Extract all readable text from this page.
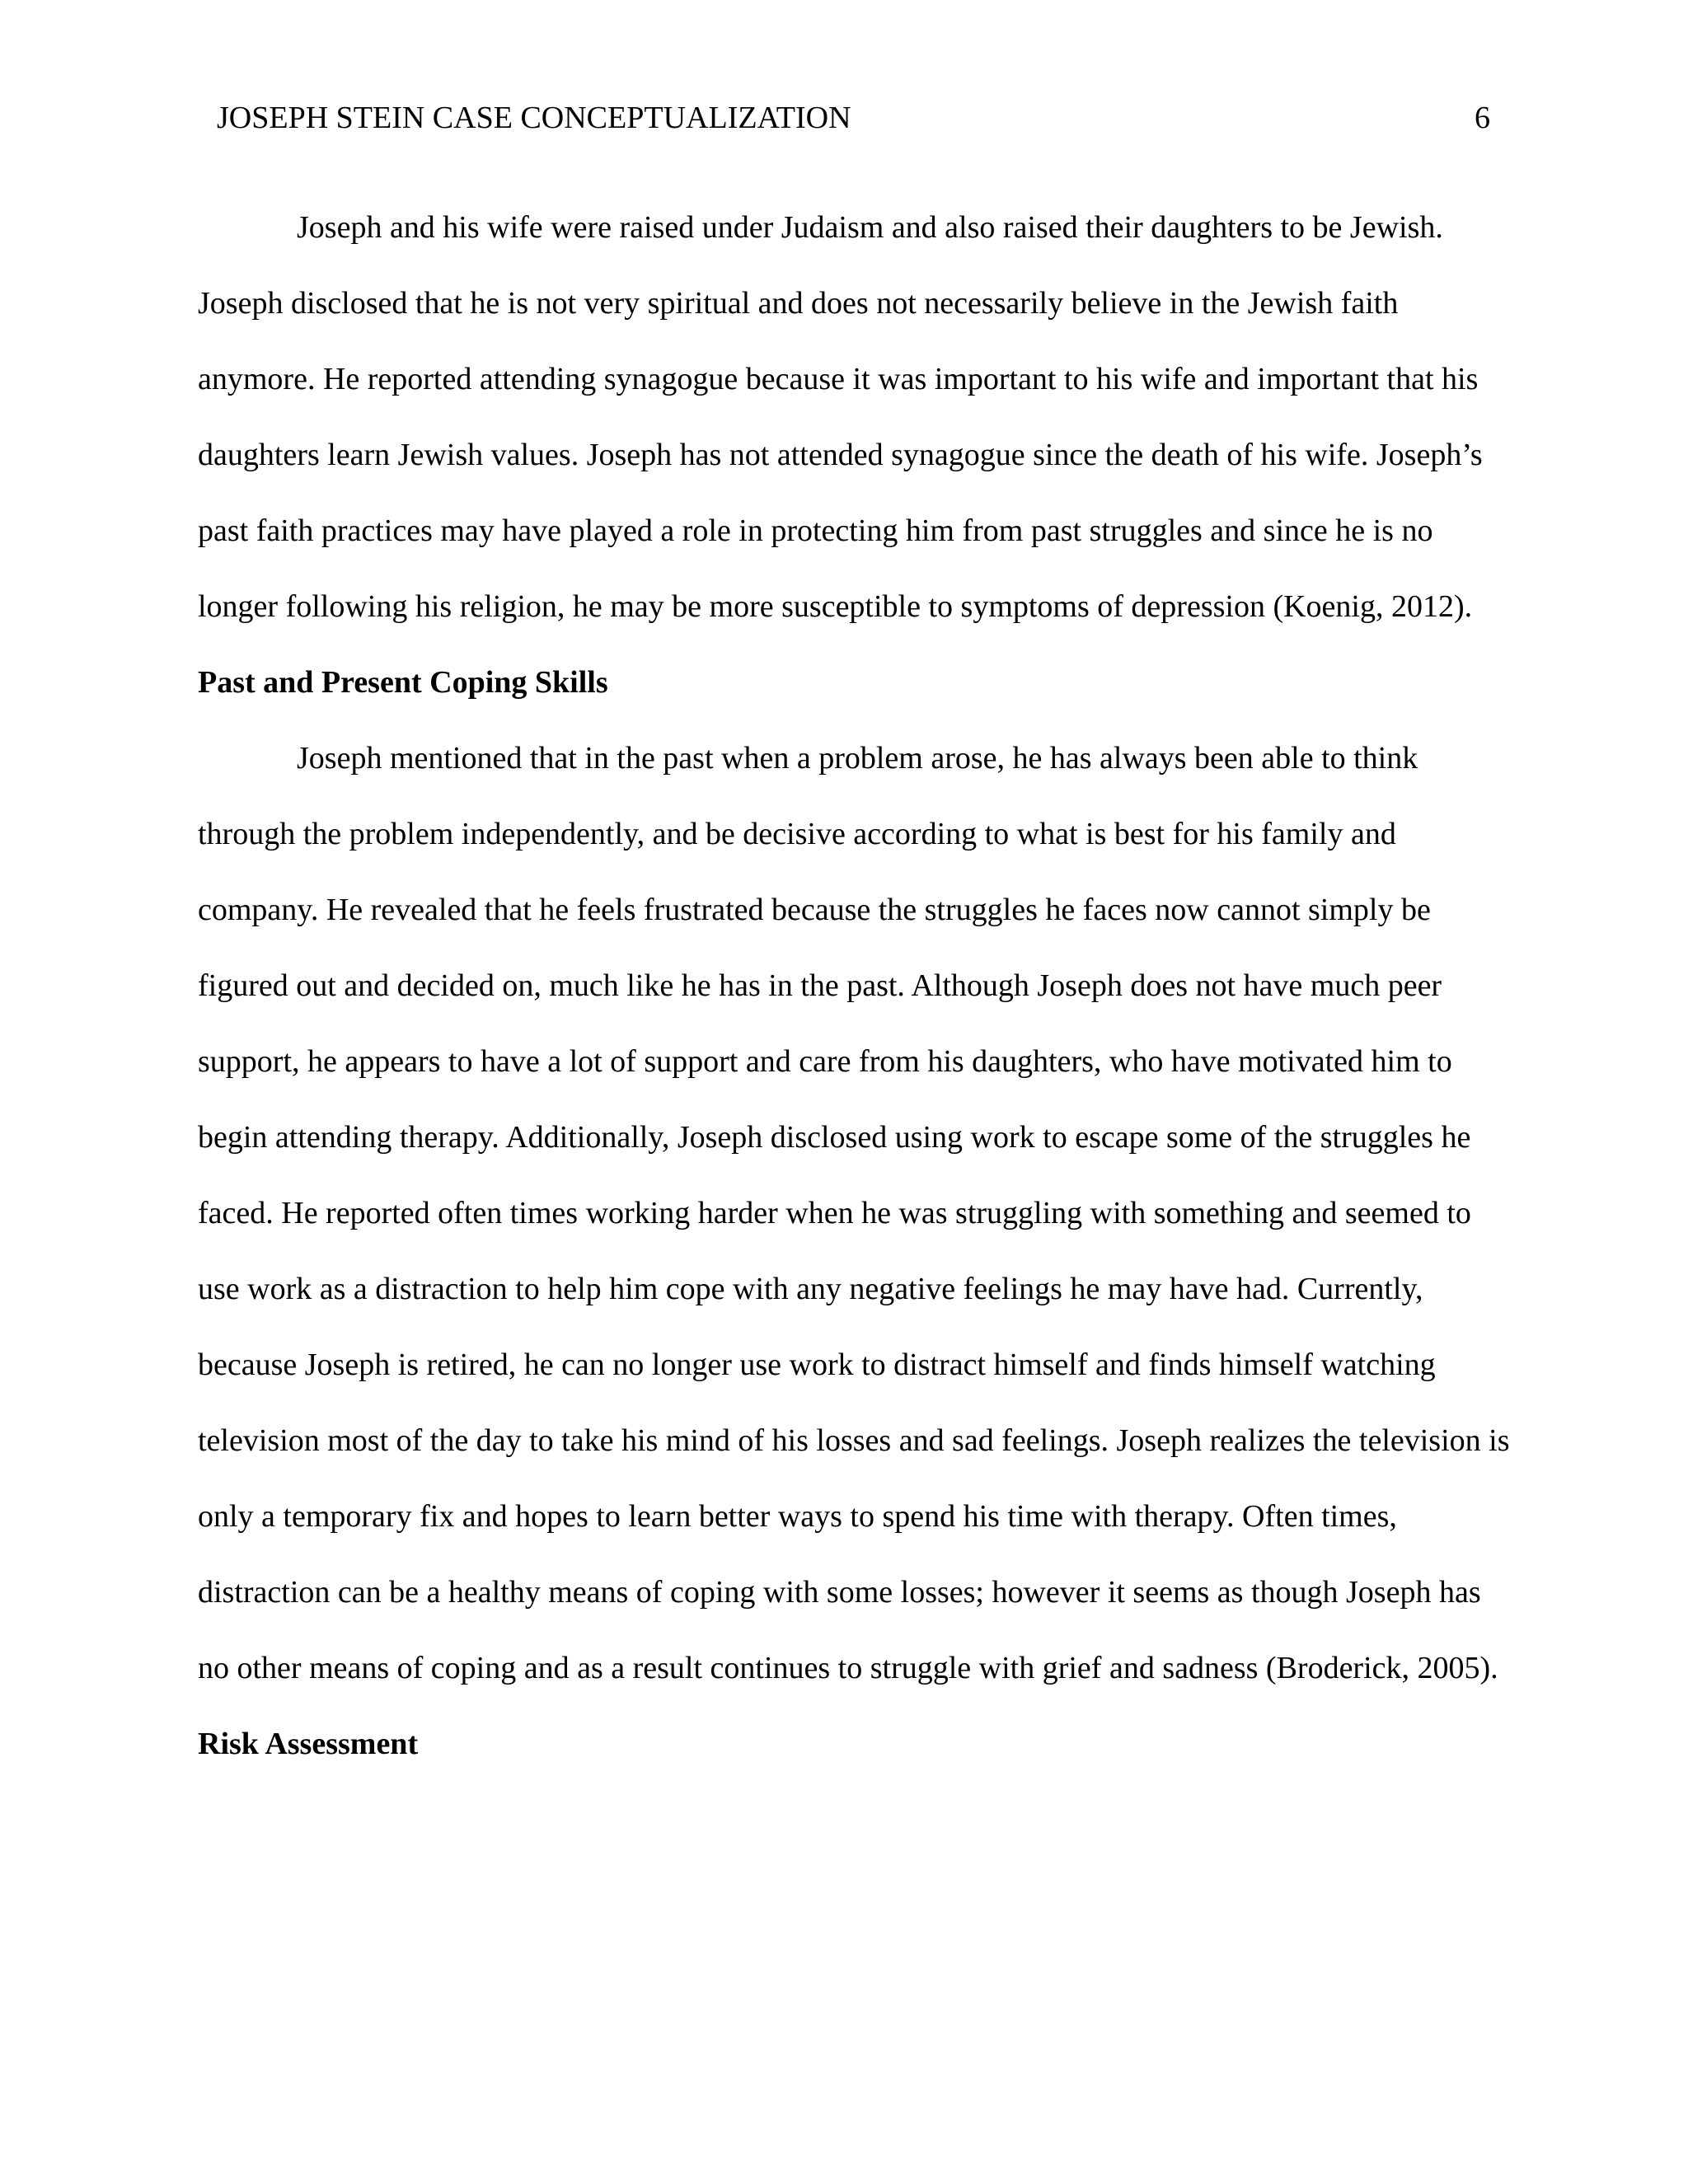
JOSEPH STEIN CASE CONCEPTUALIZATION	6

Joseph and his wife were raised under Judaism and also raised their daughters to be Jewish. Joseph disclosed that he is not very spiritual and does not necessarily believe in the Jewish faith anymore. He reported attending synagogue because it was important to his wife and important that his daughters learn Jewish values. Joseph has not attended synagogue since the death of his wife. Joseph’s past faith practices may have played a role in protecting him from past struggles and since he is no longer following his religion, he may be more susceptible to symptoms of depression (Koenig, 2012).

Past and Present Coping Skills

Joseph mentioned that in the past when a problem arose, he has always been able to think through the problem independently, and be decisive according to what is best for his family and company. He revealed that he feels frustrated because the struggles he faces now cannot simply be figured out and decided on, much like he has in the past. Although Joseph does not have much peer support, he appears to have a lot of support and care from his daughters, who have motivated him to begin attending therapy. Additionally, Joseph disclosed using work to escape some of the struggles he faced. He reported often times working harder when he was struggling with something and seemed to use work as a distraction to help him cope with any negative feelings he may have had. Currently, because Joseph is retired, he can no longer use work to distract himself and finds himself watching television most of the day to take his mind of his losses and sad feelings. Joseph realizes the television is only a temporary fix and hopes to learn better ways to spend his time with therapy. Often times, distraction can be a healthy means of coping with some losses; however it seems as though Joseph has no other means of coping and as a result continues to struggle with grief and sadness (Broderick, 2005).

Risk Assessment
